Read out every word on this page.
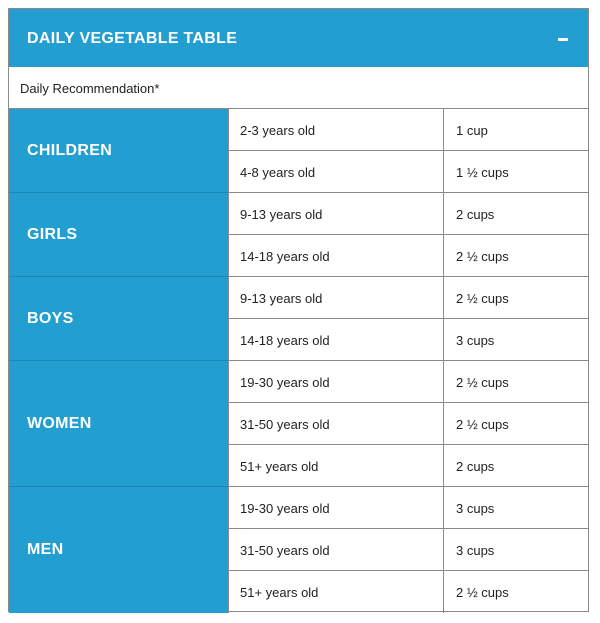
DAILY VEGETABLE TABLE
Daily Recommendation*
CHILDREN
2-3 years old	1 cup
4-8 years old	1 ½ cups
GIRLS
9-13 years old	2 cups
14-18 years old	2 ½ cups
BOYS
9-13 years old	2 ½ cups
14-18 years old	3 cups
WOMEN
19-30 years old	2 ½ cups
31-50 years old	2 ½ cups
51+ years old	2 cups
MEN
19-30 years old	3 cups
31-50 years old	3 cups
51+ years old	2 ½ cups
